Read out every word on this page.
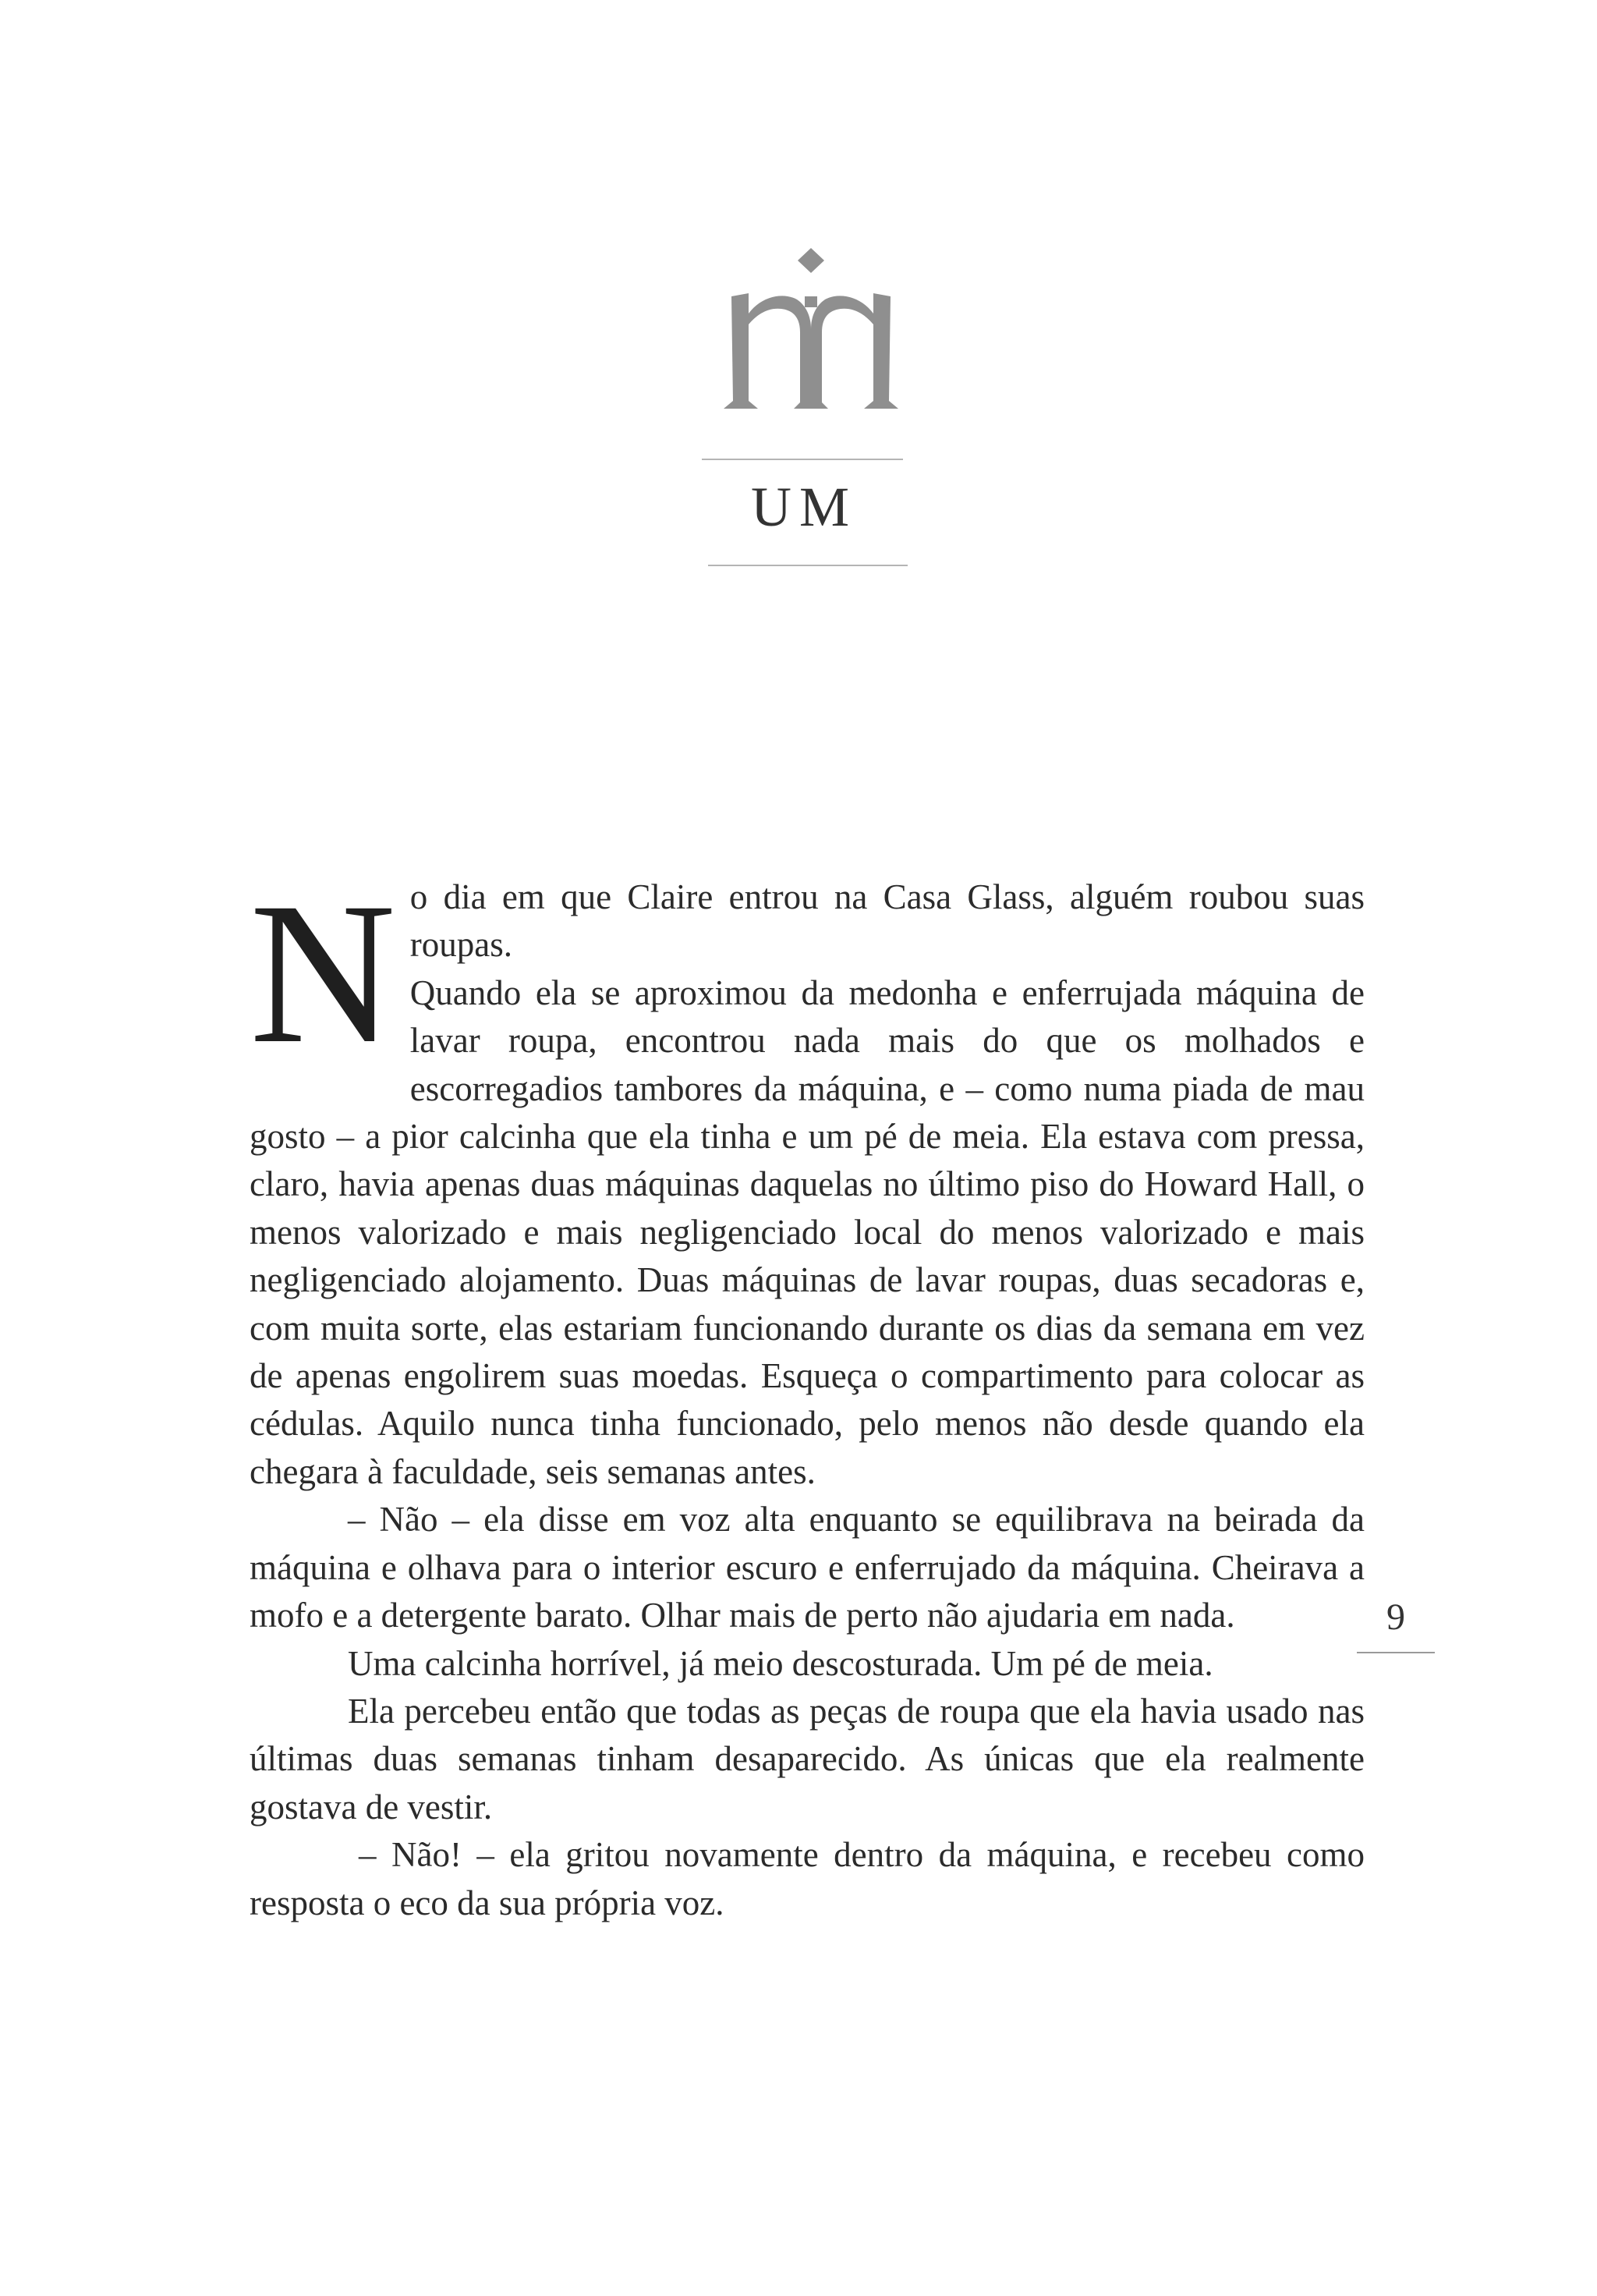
UM
N o dia em que Claire entrou na Casa Glass, alguém roubou suas roupas.

Quando ela se aproximou da medonha e enferrujada máquina de lavar roupa, encontrou nada mais do que os molhados e escorregadios tambores da máquina, e – como numa piada de mau gosto – a pior calcinha que ela tinha e um pé de meia. Ela estava com pressa, claro, havia apenas duas máquinas daquelas no último piso do Howard Hall, o menos valorizado e mais negligenciado local do menos valorizado e mais negligenciado alojamento. Duas máquinas de lavar roupas, duas secadoras e, com muita sorte, elas estariam funcionando durante os dias da semana em vez de apenas engolirem suas moedas. Esqueça o compartimento para colocar as cédulas. Aquilo nunca tinha funcionado, pelo menos não desde quando ela chegara à faculdade, seis semanas antes.

– Não – ela disse em voz alta enquanto se equilibrava na beirada da máquina e olhava para o interior escuro e enferrujado da máquina. Cheirava a mofo e a detergente barato. Olhar mais de perto não ajudaria em nada.

Uma calcinha horrível, já meio descosturada. Um pé de meia.

Ela percebeu então que todas as peças de roupa que ela havia usado nas últimas duas semanas tinham desaparecido. As únicas que ela realmente gostava de vestir.

– Não! – ela gritou novamente dentro da máquina, e recebeu como resposta o eco da sua própria voz.

9
